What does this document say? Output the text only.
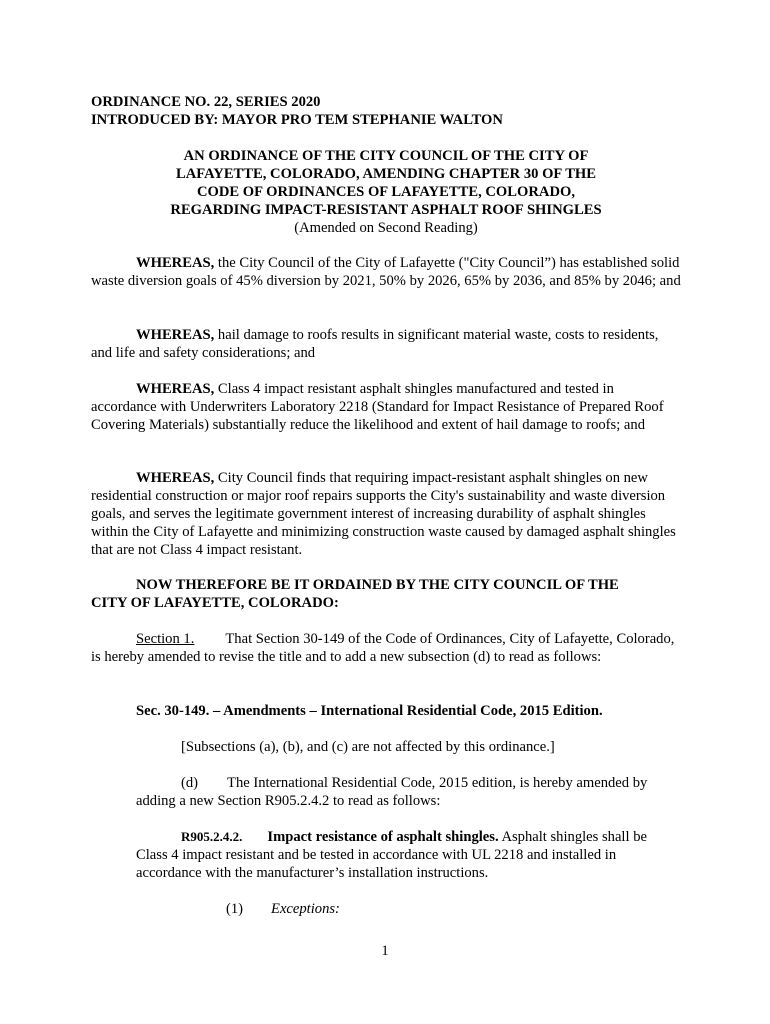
ORDINANCE NO. 22, SERIES 2020
INTRODUCED BY: MAYOR PRO TEM STEPHANIE WALTON
AN ORDINANCE OF THE CITY COUNCIL OF THE CITY OF
LAFAYETTE, COLORADO, AMENDING CHAPTER 30 OF THE
CODE OF ORDINANCES OF LAFAYETTE, COLORADO,
REGARDING IMPACT-RESISTANT ASPHALT ROOF SHINGLES
(Amended on Second Reading)

WHEREAS, the City Council of the City of Lafayette ("City Council”) has established solid waste diversion goals of 45% diversion by 2021, 50% by 2026, 65% by 2036, and 85% by 2046; and

WHEREAS, hail damage to roofs results in significant material waste, costs to residents, and life and safety considerations; and

WHEREAS, Class 4 impact resistant asphalt shingles manufactured and tested in accordance with Underwriters Laboratory 2218 (Standard for Impact Resistance of Prepared Roof Covering Materials) substantially reduce the likelihood and extent of hail damage to roofs; and

WHEREAS, City Council finds that requiring impact-resistant asphalt shingles on new residential construction or major roof repairs supports the City's sustainability and waste diversion goals, and serves the legitimate government interest of increasing durability of asphalt shingles within the City of Lafayette and minimizing construction waste caused by damaged asphalt shingles that are not Class 4 impact resistant.

NOW THEREFORE BE IT ORDAINED BY THE CITY COUNCIL OF THE CITY OF LAFAYETTE, COLORADO:

Section 1. That Section 30-149 of the Code of Ordinances, City of Lafayette, Colorado, is hereby amended to revise the title and to add a new subsection (d) to read as follows:

Sec. 30-149. – Amendments – International Residential Code, 2015 Edition.
[Subsections (a), (b), and (c) are not affected by this ordinance.]

(d) The International Residential Code, 2015 edition, is hereby amended by adding a new Section R905.2.4.2 to read as follows:

R905.2.4.2. Impact resistance of asphalt shingles. Asphalt shingles shall be Class 4 impact resistant and be tested in accordance with UL 2218 and installed in accordance with the manufacturer’s installation instructions.

(1) Exceptions:
1
